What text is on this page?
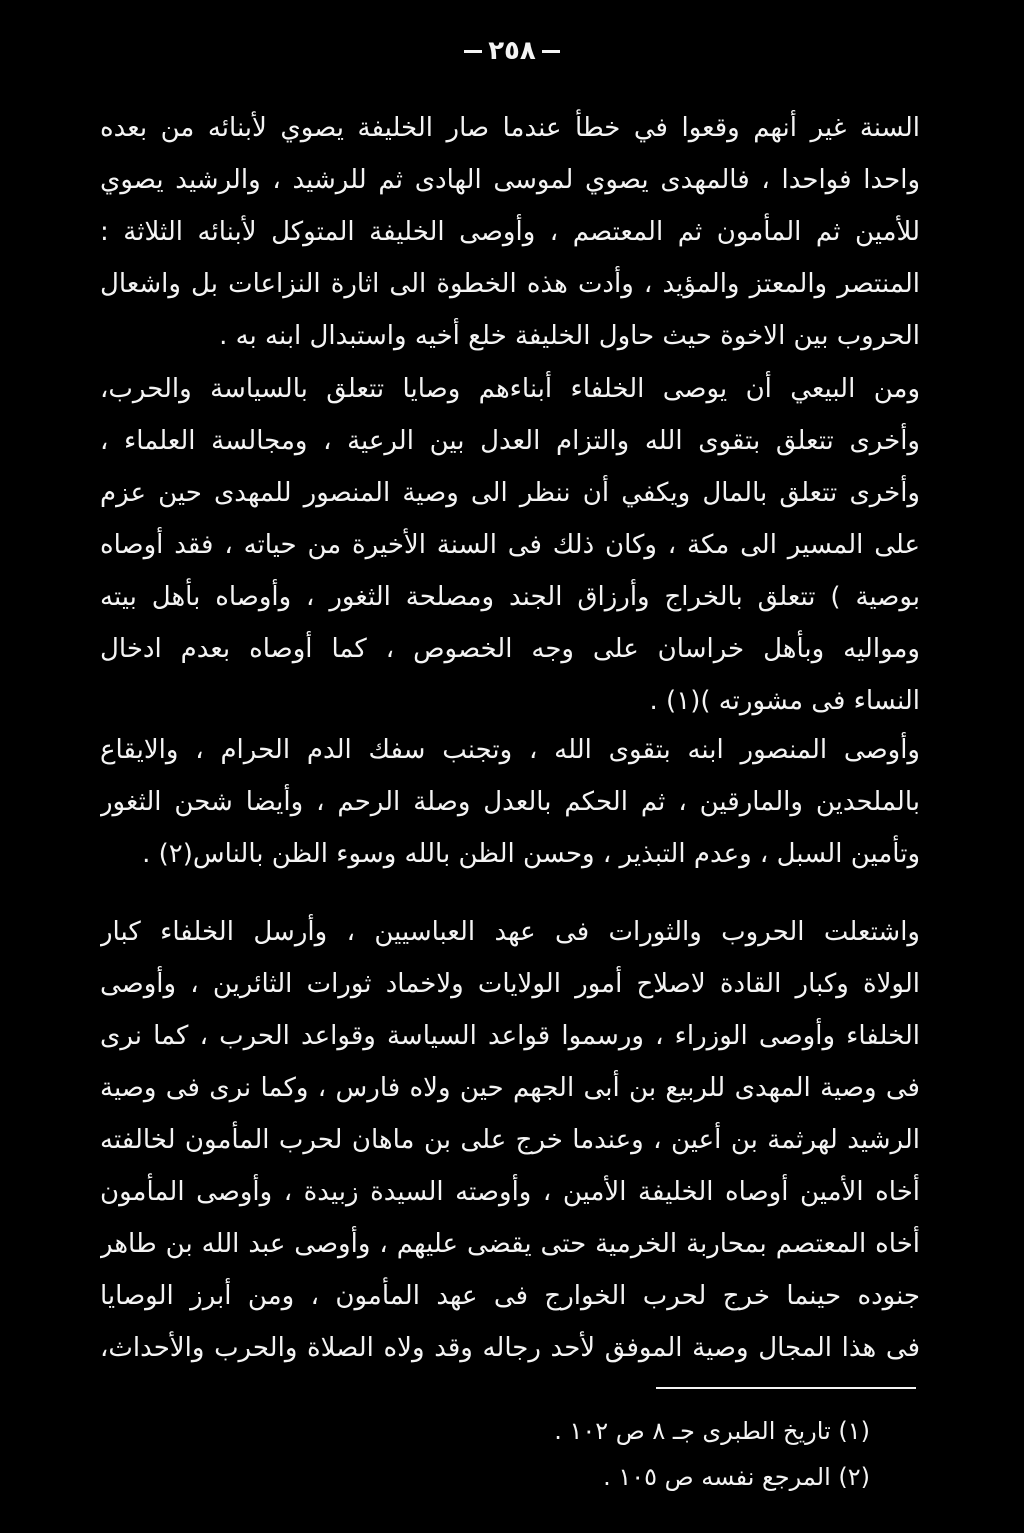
٢٥٨
السنة غير أنهم وقعوا في خطأ عندما صار الخليفة يصوي لأبنائه من بعده
واحدا فواحدا ، فالمهدى يصوي لموسى الهادى ثم للرشيد ، والرشيد يصوي
للأمين ثم المأمون ثم المعتصم ، وأوصى الخليفة المتوكل لأبنائه الثلاثة :
المنتصر والمعتز والمؤيد ، وأدت هذه الخطوة الى اثارة النزاعات بل واشعال
الحروب بين الاخوة حيث حاول الخليفة خلع أخيه واستبدال ابنه به .
ومن البيعي أن يوصى الخلفاء أبناءهم وصايا تتعلق بالسياسة والحرب،
وأخرى تتعلق بتقوى الله والتزام العدل بين الرعية ، ومجالسة العلماء ،
وأخرى تتعلق بالمال ويكفي أن ننظر الى وصية المنصور للمهدى حين عزم
على المسير الى مكة ، وكان ذلك فى السنة الأخيرة من حياته ، فقد أوصاه
بوصية ) تتعلق بالخراج وأرزاق الجند ومصلحة الثغور ، وأوصاه بأهل بيته
ومواليه وبأهل خراسان على وجه الخصوص ، كما أوصاه بعدم ادخال
النساء فى مشورته )(١) .
وأوصى المنصور ابنه بتقوى الله ، وتجنب سفك الدم الحرام ، والايقاع
بالملحدين والمارقين ، ثم الحكم بالعدل وصلة الرحم ، وأيضا شحن الثغور
وتأمين السبل ، وعدم التبذير ، وحسن الظن بالله وسوء الظن بالناس(٢) .
واشتعلت الحروب والثورات فى عهد العباسيين ، وأرسل الخلفاء كبار
الولاة وكبار القادة لاصلاح أمور الولايات ولاخماد ثورات الثائرين ، وأوصى
الخلفاء وأوصى الوزراء ، ورسموا قواعد السياسة وقواعد الحرب ، كما نرى
فى وصية المهدى للربيع بن أبى الجهم حين ولاه فارس ، وكما نرى فى وصية
الرشيد لهرثمة بن أعين ، وعندما خرج على بن ماهان لحرب المأمون لخالفته
أخاه الأمين أوصاه الخليفة الأمين ، وأوصته السيدة زبيدة ، وأوصى المأمون
أخاه المعتصم بمحاربة الخرمية حتى يقضى عليهم ، وأوصى عبد الله بن طاهر
جنوده حينما خرج لحرب الخوارج فى عهد المأمون ، ومن أبرز الوصايا
فى هذا المجال وصية الموفق لأحد رجاله وقد ولاه الصلاة والحرب والأحداث،
(١) تاريخ الطبرى جـ ٨ ص ١٠٢ .
(٢) المرجع نفسه ص ١٠٥ .
